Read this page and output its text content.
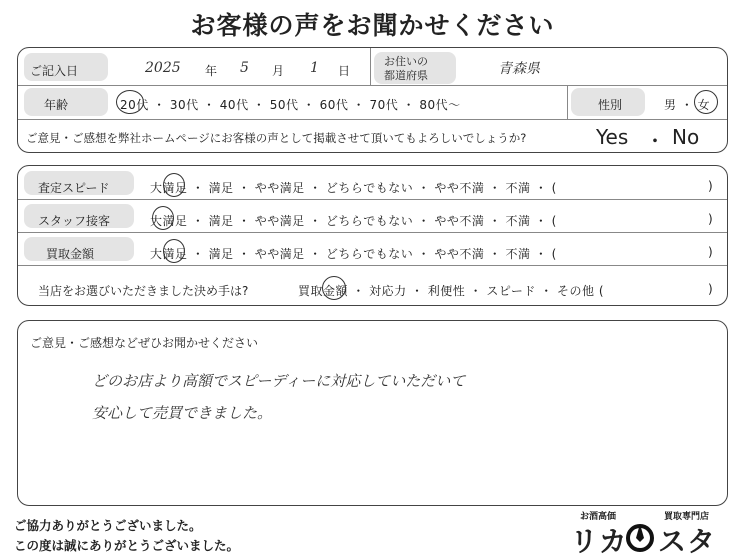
お客様の声をお聞かせください
ご記入日	2025 年 5 月 1 日
お住いの
都道府県	青森県
年齢	20代 ・ 30代 ・ 40代 ・ 50代 ・ 60代 ・ 70代 ・ 80代～	性別	男 ・ 女
ご意見・ご感想を弊社ホームページにお客様の声として掲載させて頂いてもよろしいでしょうか?	Yes ・ No
査定スピード	大満足 ・ 満足 ・ やや満足 ・ どちらでもない ・ やや不満 ・ 不満 ・ (	)
スタッフ接客	大満足 ・ 満足 ・ やや満足 ・ どちらでもない ・ やや不満 ・ 不満 ・ (	)
買取金額	大満足 ・ 満足 ・ やや満足 ・ どちらでもない ・ やや不満 ・ 不満 ・ (	)
当店をお選びいただきました決め手は?	買取金額 ・ 対応力 ・ 利便性 ・ スピード ・ その他 (	)
ご意見・ご感想などぜひお聞かせください
どのお店より高額でスピーディーに対応していただいて
安心して売買できました。
ご協力ありがとうございました。
この度は誠にありがとうございました。
お酒高価	買取専門店
リカ スタ
